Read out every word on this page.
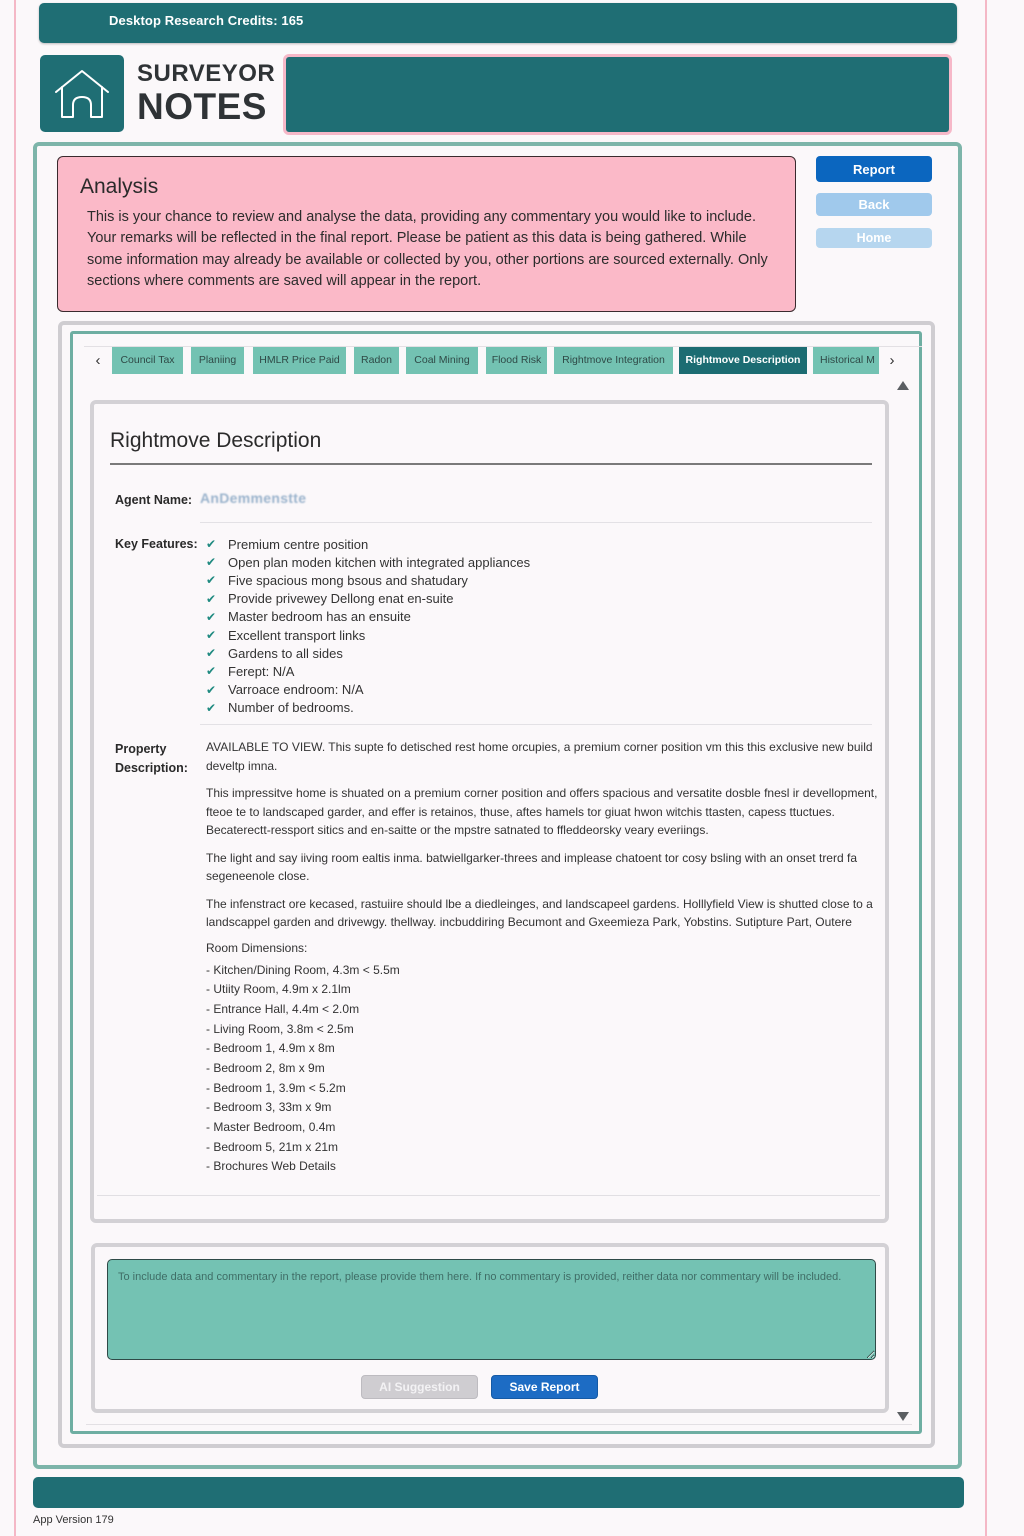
Desktop Research Credits: 165
SURVEYOR
NOTES
Analysis
This is your chance to review and analyse the data, providing any commentary you would like to include. Your remarks will be reflected in the final report. Please be patient as this data is being gathered. While some information may already be available or collected by you, other portions are sourced externally. Only sections where comments are saved will appear in the report.
Report
Back
Home
‹	Council Tax	Planiing	HMLR Price Paid	Radon	Coal Mining	Flood Risk	Rightmove Integration	Rightmove Description	Historical M ›
Rightmove Description
Agent Name: AnDemmenstte
Key Features: ✔ Premium centre position
✔ Open plan moden kitchen with integrated appliances
✔ Five spacious mong bsous and shatudary
✔ Provide privewey Dellong enat en-suite
✔ Master bedroom has an ensuite
✔ Excellent transport links
✔ Gardens to all sides
✔ Ferept: N/A
✔ Varroace endroom: N/A
✔ Number of bedrooms.
Property
Description:

AVAILABLE TO VIEW. This supte fo detisched rest home orcupies, a premium corner position vm this this exclusive new build develtp imna.

This impressitve home is shuated on a premium corner position and offers spacious and versatite dosble fnesl ir devellopment, fteoe te to landscaped garder, and effer is retainos, thuse, aftes hamels tor giuat hwon witchis ttasten, capess ttuctues. Becaterectt-ressport sitics and en-saitte or the mpstre satnated to ffleddeorsky veary everiings.

The light and say iiving room ealtis inma. batwiellgarker-threes and implease chatoent tor cosy bsling with an onset trerd fa segeneenole close.

The infenstract ore kecased, rastuiire should lbe a diedleinges, and landscapeel gardens. Holllyfield View is shutted close to a landscappel garden and drivewgy. thellway. incbuddiring Becumont and Gxeemieza Park, Yobstins. Sutipture Part, Outere

Room Dimensions:
- Kitchen/Dining Room, 4.3m < 5.5m
- Utiity Room, 4.9m x 2.1lm
- Entrance Hall, 4.4m < 2.0m
- Living Room, 3.8m < 2.5m
- Bedroom 1, 4.9m x 8m
- Bedroom 2, 8m x 9m
- Bedroom 1, 3.9m < 5.2m
- Bedroom 3, 33m x 9m
- Master Bedroom, 0.4m
- Bedroom 5, 21m x 21m
- Brochures Web Details
To include data and commentary in the report, please provide them here. If no commentary is provided, reither data nor commentary will be included.
AI Suggestion	Save Report
App Version 179
